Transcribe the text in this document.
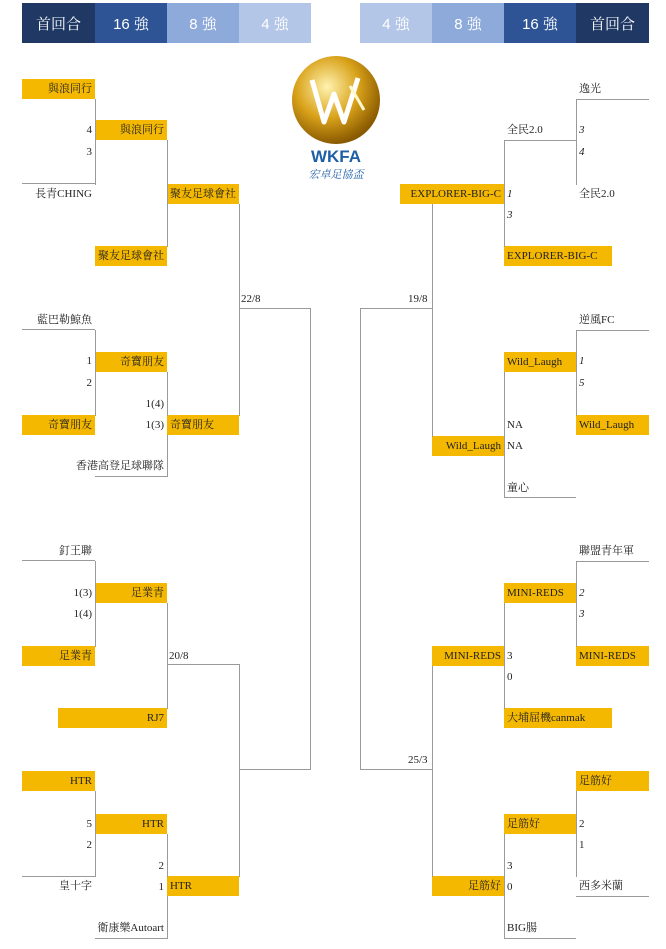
首回合	16 強	8 強	4 強	4 強	8 強	16 強	首回合
WKFA
宏卓足協盃
與浪同行
長青CHING
藍巴勒鯨魚
奇寶朋友
香港高登足球聯隊
釘王聯
足業青
RJ7
HTR
皇十字
衛康樂Autoart
與浪同行
聚友足球會社
奇寶朋友
足業青
HTR
聚友足球會社
奇寶朋友
HTR
4
3
1
2
1(4)
1(3)
1(3)
1(4)
5
2
2
1
22/8
20/8
逸光
全民2.0
逆風FC
Wild_Laugh
童心
聯盟青年軍
MINI-REDS
足筋好
西多米蘭
BIG腸
全民2.0
EXPLORER-BIG-C
Wild_Laugh
MINI-REDS
大埔屈機canmak
足筋好
EXPLORER-BIG-C
Wild_Laugh
MINI-REDS
足筋好
3
4
1
3
1
5
NA
NA
2
3
3
0
2
1
3
0
19/8
25/3
